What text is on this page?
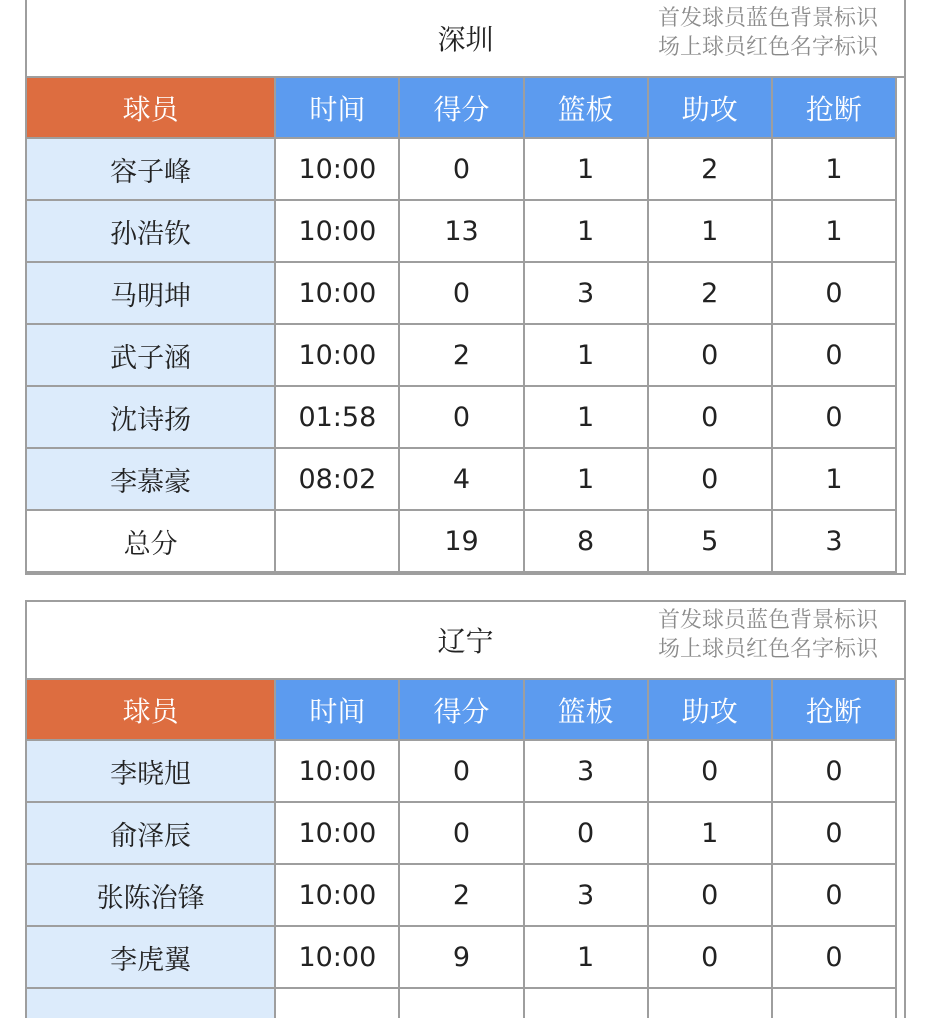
深圳
首发球员蓝色背景标识
场上球员红色名字标识
球员	时间	得分	篮板	助攻	抢断
容子峰	10:00	0	1	2	1
孙浩钦	10:00	13	1	1	1
马明坤	10:00	0	3	2	0
武子涵	10:00	2	1	0	0
沈诗扬	01:58	0	1	0	0
李慕豪	08:02	4	1	0	1
总分		19	8	5	3
辽宁
首发球员蓝色背景标识
场上球员红色名字标识
球员	时间	得分	篮板	助攻	抢断
李晓旭	10:00	0	3	0	0
俞泽辰	10:00	0	0	1	0
张陈治锋	10:00	2	3	0	0
李虎翼	10:00	9	1	0	0
